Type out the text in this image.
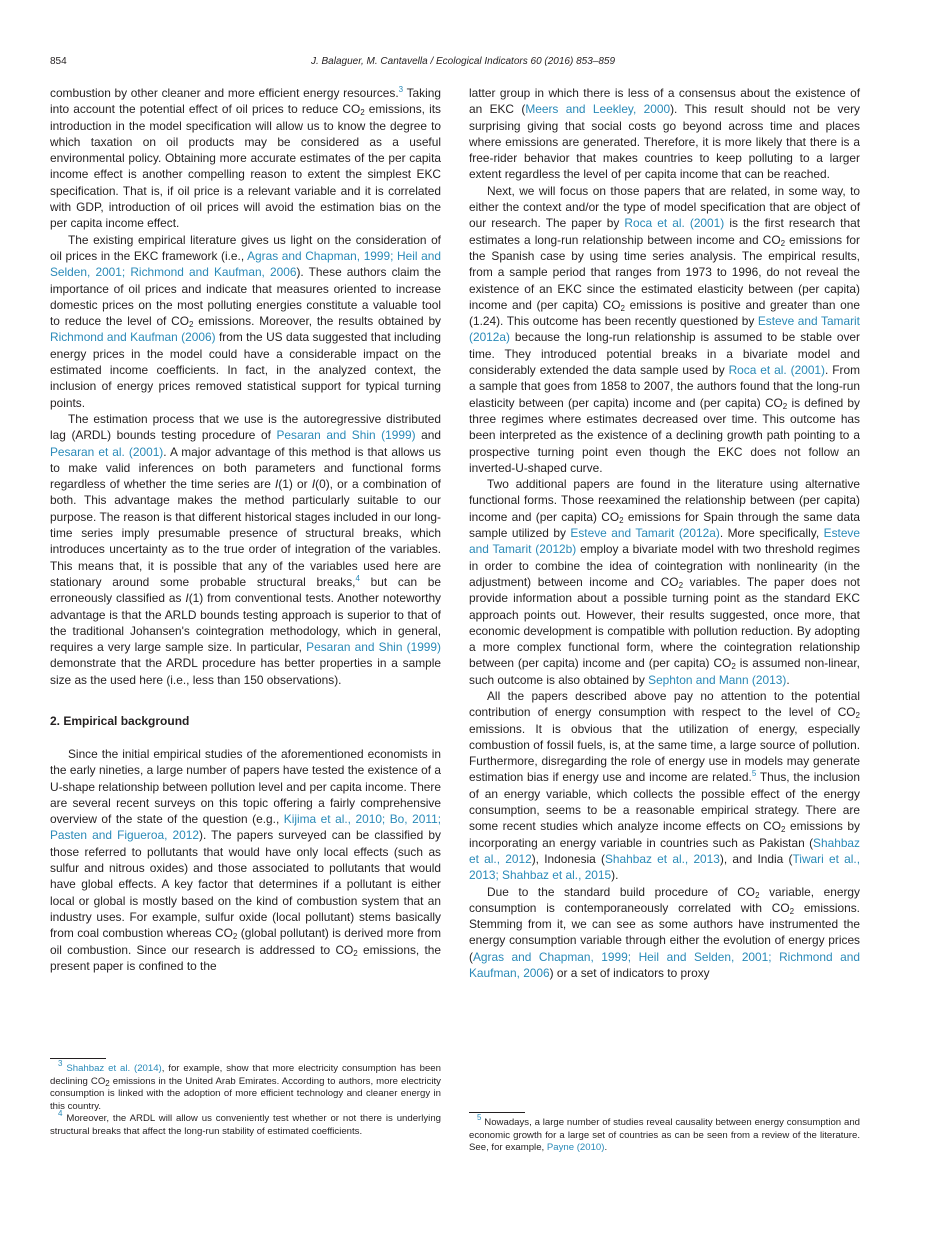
854	J. Balaguer, M. Cantavella / Ecological Indicators 60 (2016) 853–859

combustion by other cleaner and more efficient energy resources.$^3$ Taking into account the potential effect of oil prices to reduce $CO_2$ emissions, its introduction in the model specification will allow us to know the degree to which taxation on oil products may be considered as a useful environmental policy. Obtaining more accurate estimates of the per capita income effect is another compelling reason to extent the simplest EKC specification. That is, if oil price is a relevant variable and it is correlated with GDP, introduction of oil prices will avoid the estimation bias on the per capita income effect.

The existing empirical literature gives us light on the consideration of oil prices in the EKC framework (i.e., Agras and Chapman, 1999; Heil and Selden, 2001; Richmond and Kaufman, 2006). These authors claim the importance of oil prices and indicate that measures oriented to increase domestic prices on the most polluting energies constitute a valuable tool to reduce the level of $CO_2$ emissions. Moreover, the results obtained by Richmond and Kaufman (2006) from the US data suggested that including energy prices in the model could have a considerable impact on the estimated income coefficients. In fact, in the analyzed context, the inclusion of energy prices removed statistical support for typical turning points.

The estimation process that we use is the autoregressive distributed lag (ARDL) bounds testing procedure of Pesaran and Shin (1999) and Pesaran et al. (2001). A major advantage of this method is that allows us to make valid inferences on both parameters and functional forms regardless of whether the time series are I(1) or I(0), or a combination of both. This advantage makes the method particularly suitable to our purpose. The reason is that different historical stages included in our long-time series imply presumable presence of structural breaks, which introduces uncertainty as to the true order of integration of the variables. This means that, it is possible that any of the variables used here are stationary around some probable structural breaks,$^4$ but can be erroneously classified as I(1) from conventional tests. Another noteworthy advantage is that the ARLD bounds testing approach is superior to that of the traditional Johansen's cointegration methodology, which in general, requires a very large sample size. In particular, Pesaran and Shin (1999) demonstrate that the ARDL procedure has better properties in a sample size as the used here (i.e., less than 150 observations).

2. Empirical background

Since the initial empirical studies of the aforementioned economists in the early nineties, a large number of papers have tested the existence of a U-shape relationship between pollution level and per capita income. There are several recent surveys on this topic offering a fairly comprehensive overview of the state of the question (e.g., Kijima et al., 2010; Bo, 2011; Pasten and Figueroa, 2012). The papers surveyed can be classified by those referred to pollutants that would have only local effects (such as sulfur and nitrous oxides) and those associated to pollutants that would have global effects. A key factor that determines if a pollutant is either local or global is mostly based on the kind of combustion system that an industry uses. For example, sulfur oxide (local pollutant) stems basically from coal combustion whereas $CO_2$ (global pollutant) is derived more from oil combustion. Since our research is addressed to $CO_2$ emissions, the present paper is confined to the

latter group in which there is less of a consensus about the existence of an EKC (Meers and Leekley, 2000). This result should not be very surprising giving that social costs go beyond across time and places where emissions are generated. Therefore, it is more likely that there is a free-rider behavior that makes countries to keep polluting to a larger extent regardless the level of per capita income that can be reached.

Next, we will focus on those papers that are related, in some way, to either the context and/or the type of model specification that are object of our research. The paper by Roca et al. (2001) is the first research that estimates a long-run relationship between income and $CO_2$ emissions for the Spanish case by using time series analysis. The empirical results, from a sample period that ranges from 1973 to 1996, do not reveal the existence of an EKC since the estimated elasticity between (per capita) income and (per capita) $CO_2$ emissions is positive and greater than one (1.24). This outcome has been recently questioned by Esteve and Tamarit (2012a) because the long-run relationship is assumed to be stable over time. They introduced potential breaks in a bivariate model and considerably extended the data sample used by Roca et al. (2001). From a sample that goes from 1858 to 2007, the authors found that the long-run elasticity between (per capita) income and (per capita) $CO_2$ is defined by three regimes where estimates decreased over time. This outcome has been interpreted as the existence of a declining growth path pointing to a prospective turning point even though the EKC does not follow an inverted-U-shaped curve.

Two additional papers are found in the literature using alternative functional forms. Those reexamined the relationship between (per capita) income and (per capita) $CO_2$ emissions for Spain through the same data sample utilized by Esteve and Tamarit (2012a). More specifically, Esteve and Tamarit (2012b) employ a bivariate model with two threshold regimes in order to combine the idea of cointegration with nonlinearity (in the adjustment) between income and $CO_2$ variables. The paper does not provide information about a possible turning point as the standard EKC approach points out. However, their results suggested, once more, that economic development is compatible with pollution reduction. By adopting a more complex functional form, where the cointegration relationship between (per capita) income and (per capita) $CO_2$ is assumed non-linear, such outcome is also obtained by Sephton and Mann (2013).

All the papers described above pay no attention to the potential contribution of energy consumption with respect to the level of $CO_2$ emissions. It is obvious that the utilization of energy, especially combustion of fossil fuels, is, at the same time, a large source of pollution. Furthermore, disregarding the role of energy use in models may generate estimation bias if energy use and income are related.$^5$ Thus, the inclusion of an energy variable, which collects the possible effect of the energy consumption, seems to be a reasonable empirical strategy. There are some recent studies which analyze income effects on $CO_2$ emissions by incorporating an energy variable in countries such as Pakistan (Shahbaz et al., 2012), Indonesia (Shahbaz et al., 2013), and India (Tiwari et al., 2013; Shahbaz et al., 2015).

Due to the standard build procedure of $CO_2$ variable, energy consumption is contemporaneously correlated with $CO_2$ emissions. Stemming from it, we can see as some authors have instrumented the energy consumption variable through either the evolution of energy prices (Agras and Chapman, 1999; Heil and Selden, 2001; Richmond and Kaufman, 2006) or a set of indicators to proxy

$^3$ Shahbaz et al. (2014), for example, show that more electricity consumption has been declining $CO_2$ emissions in the United Arab Emirates. According to authors, more electricity consumption is linked with the adoption of more efficient technology and cleaner energy in this country.

$^4$ Moreover, the ARDL will allow us conveniently test whether or not there is underlying structural breaks that affect the long-run stability of estimated coefficients.

$^5$ Nowadays, a large number of studies reveal causality between energy consumption and economic growth for a large set of countries as can be seen from a review of the literature. See, for example, Payne (2010).
